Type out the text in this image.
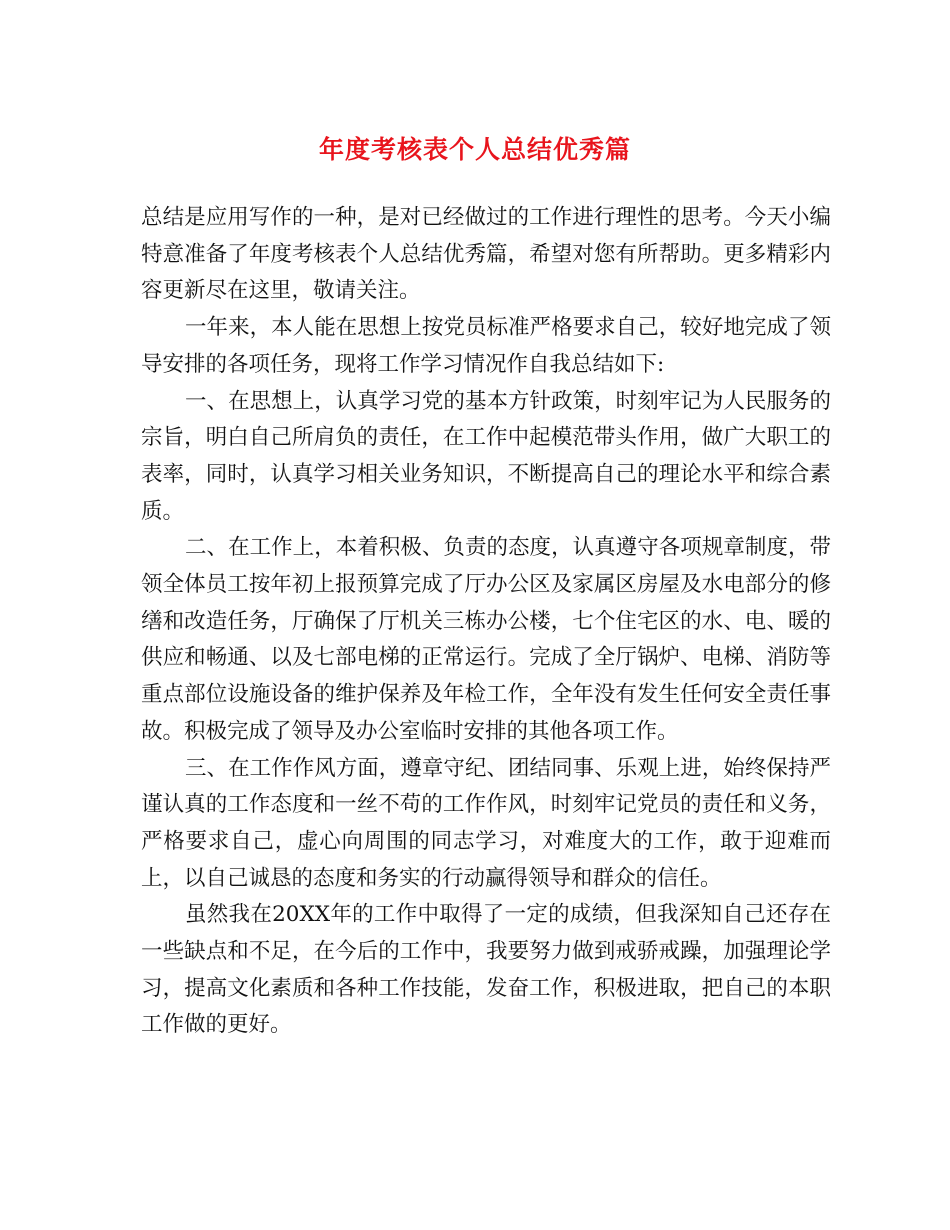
年度考核表个人总结优秀篇

总结是应用写作的一种，是对已经做过的工作进行理性的思考。今天小编特意准备了年度考核表个人总结优秀篇，希望对您有所帮助。更多精彩内容更新尽在这里，敬请关注。

一年来，本人能在思想上按党员标准严格要求自己，较好地完成了领导安排的各项任务，现将工作学习情况作自我总结如下:

一、在思想上，认真学习党的基本方针政策，时刻牢记为人民服务的宗旨，明白自己所肩负的责任，在工作中起模范带头作用，做广大职工的表率，同时，认真学习相关业务知识，不断提高自己的理论水平和综合素质。

二、在工作上，本着积极、负责的态度，认真遵守各项规章制度，带领全体员工按年初上报预算完成了厅办公区及家属区房屋及水电部分的修缮和改造任务，厅确保了厅机关三栋办公楼，七个住宅区的水、电、暖的供应和畅通、以及七部电梯的正常运行。完成了全厅锅炉、电梯、消防等重点部位设施设备的维护保养及年检工作，全年没有发生任何安全责任事故。积极完成了领导及办公室临时安排的其他各项工作。

三、在工作作风方面，遵章守纪、团结同事、乐观上进，始终保持严谨认真的工作态度和一丝不苟的工作作风，时刻牢记党员的责任和义务，严格要求自己，虚心向周围的同志学习，对难度大的工作，敢于迎难而上，以自己诚恳的态度和务实的行动赢得领导和群众的信任。

虽然我在20XX年的工作中取得了一定的成绩，但我深知自己还存在一些缺点和不足，在今后的工作中，我要努力做到戒骄戒躁，加强理论学习，提高文化素质和各种工作技能，发奋工作，积极进取，把自己的本职工作做的更好。
